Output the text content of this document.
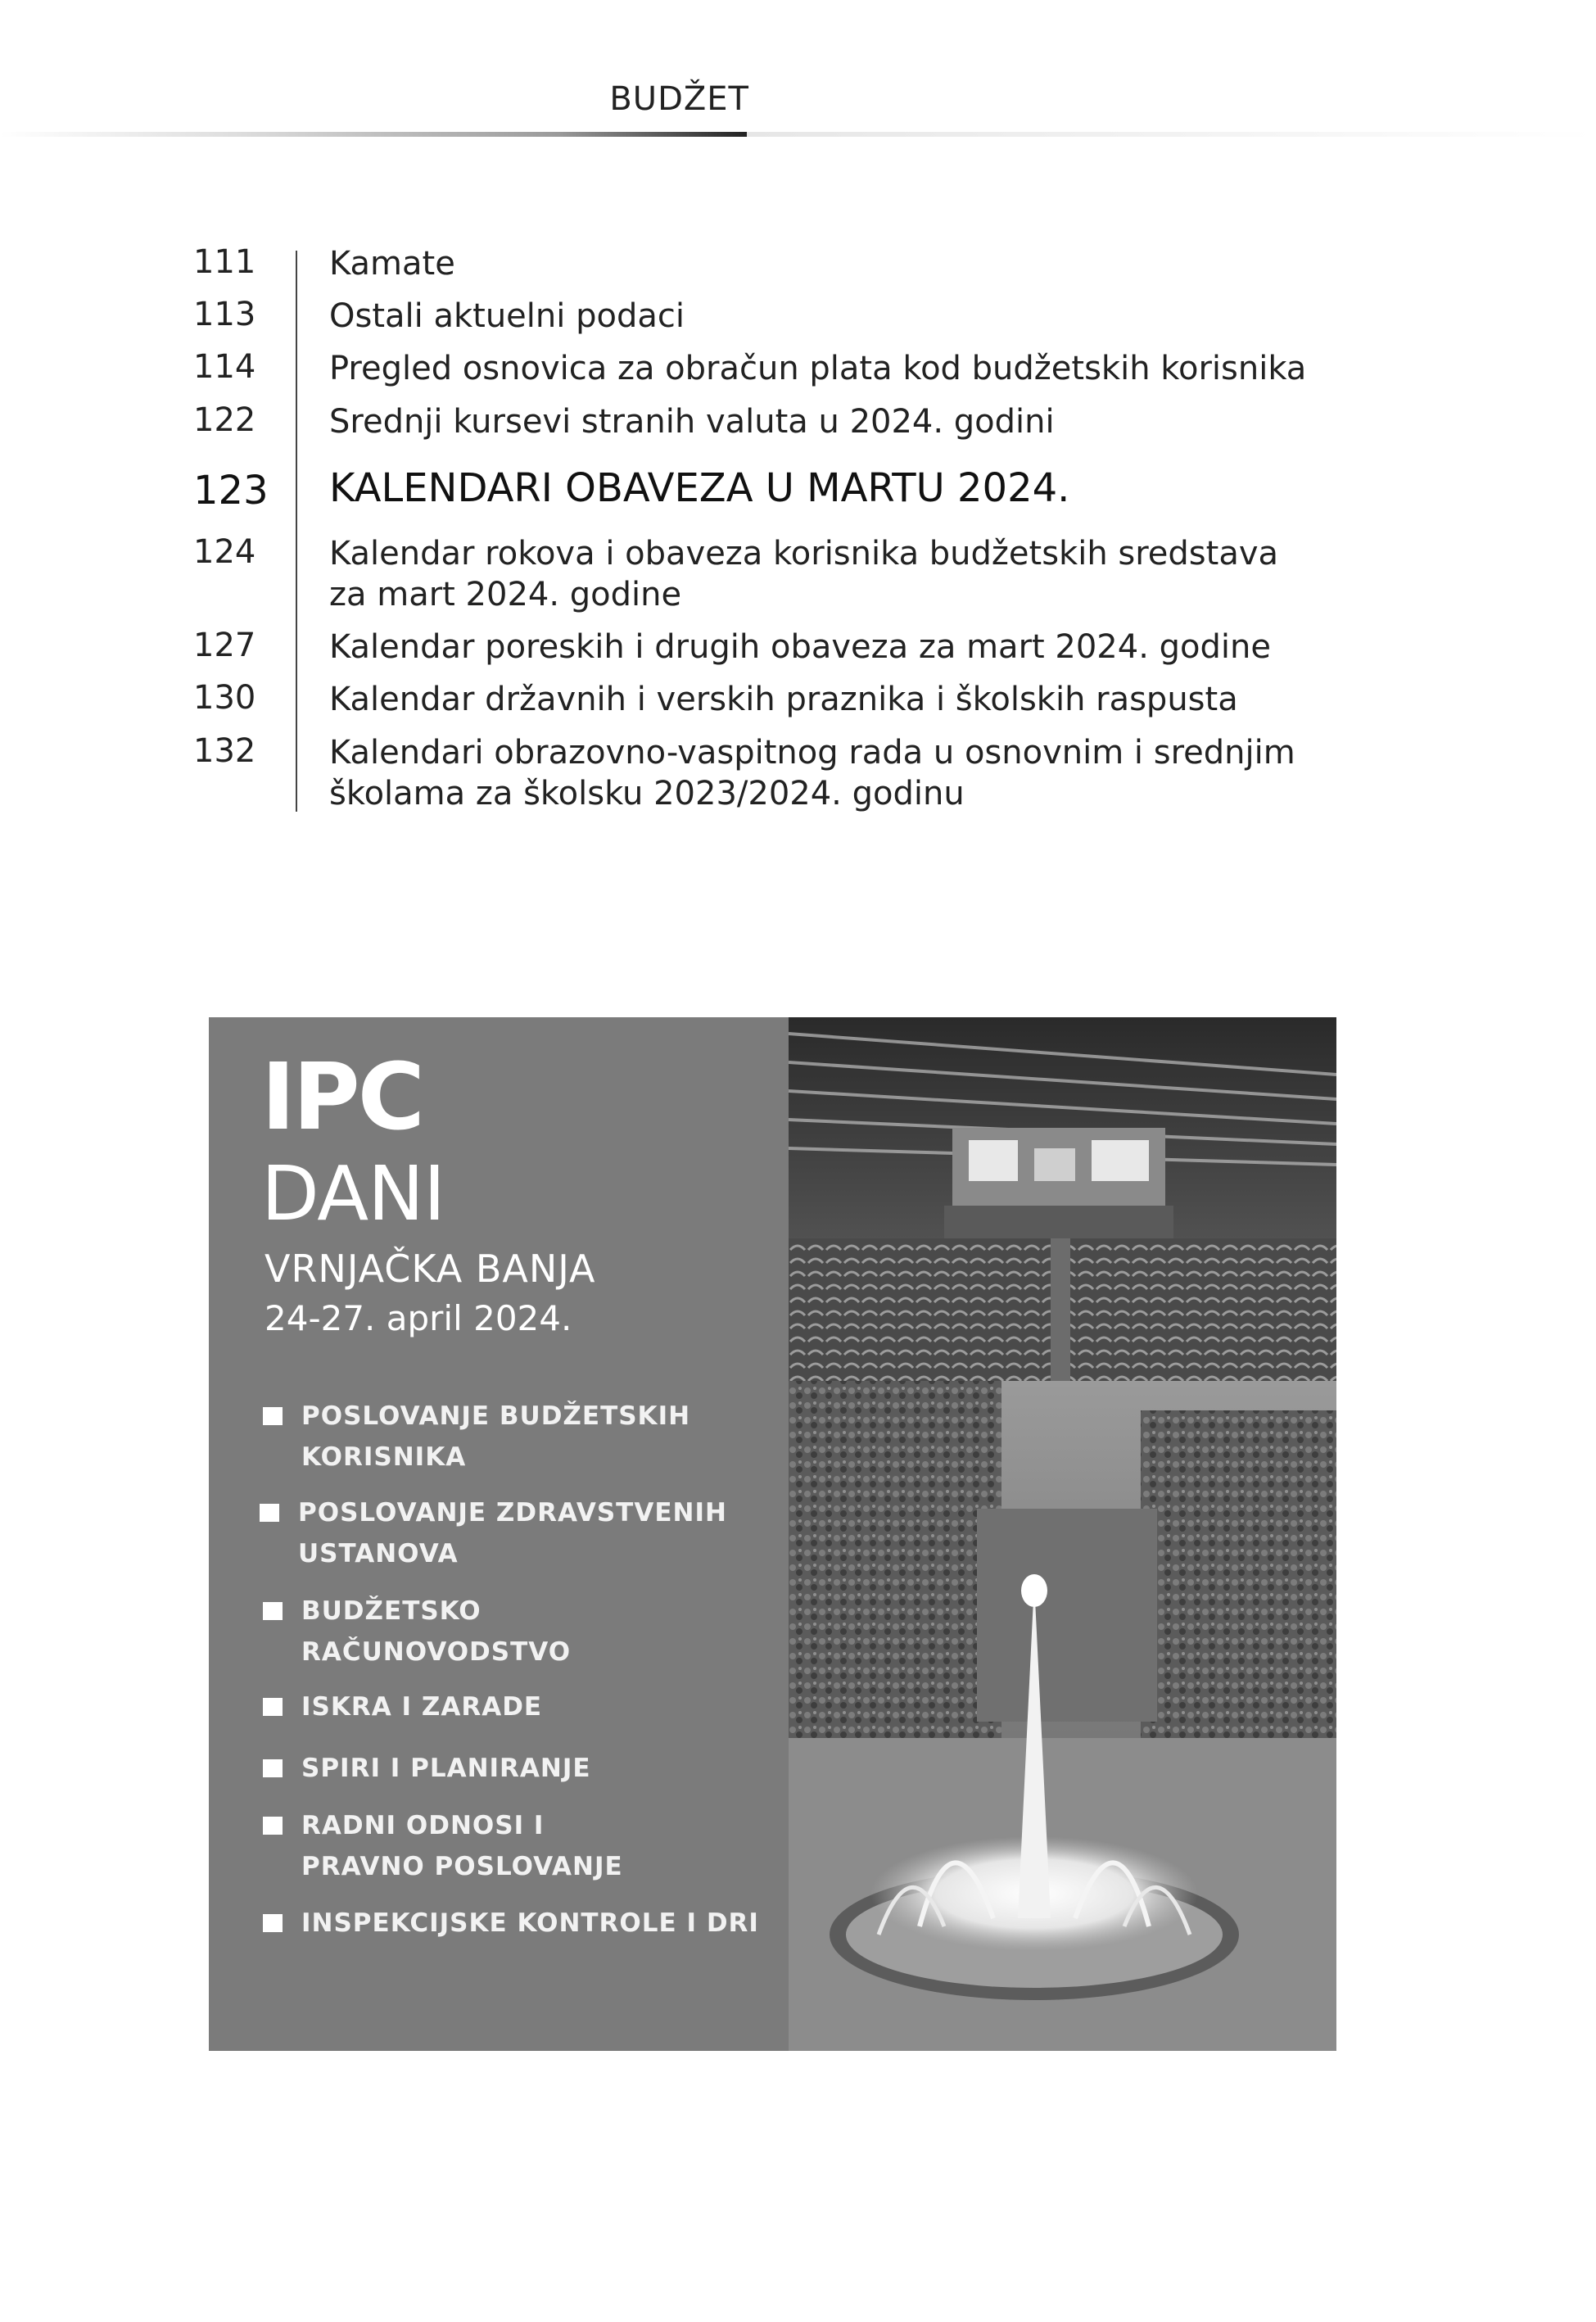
BUDŽET
111	Kamate
113	Ostali aktuelni podaci
114	Pregled osnovica za obračun plata kod budžetskih korisnika
122	Srednji kursevi stranih valuta u 2024. godini
123 KALENDARI OBAVEZA U MARTU 2024.
124	Kalendar rokova i obaveza korisnika budžetskih sredstava
za mart 2024. godine
127	Kalendar poreskih i drugih obaveza za mart 2024. godine
130	Kalendar državnih i verskih praznika i školskih raspusta
132	Kalendari obrazovno-vaspitnog rada u osnovnim i srednjim
školama za školsku 2023/2024. godinu
IPC
DANI
VRNJAČKA BANJA
24-27. april 2024.
POSLOVANJE BUDŽETSKIH
KORISNIKA
POSLOVANJE ZDRAVSTVENIH
USTANOVA
BUDŽETSKO
RAČUNOVODSTVO
ISKRA I ZARADE
SPIRI I PLANIRANJE
RADNI ODNOSI I
PRAVNO POSLOVANJE
INSPEKCIJSKE KONTROLE I DRI
